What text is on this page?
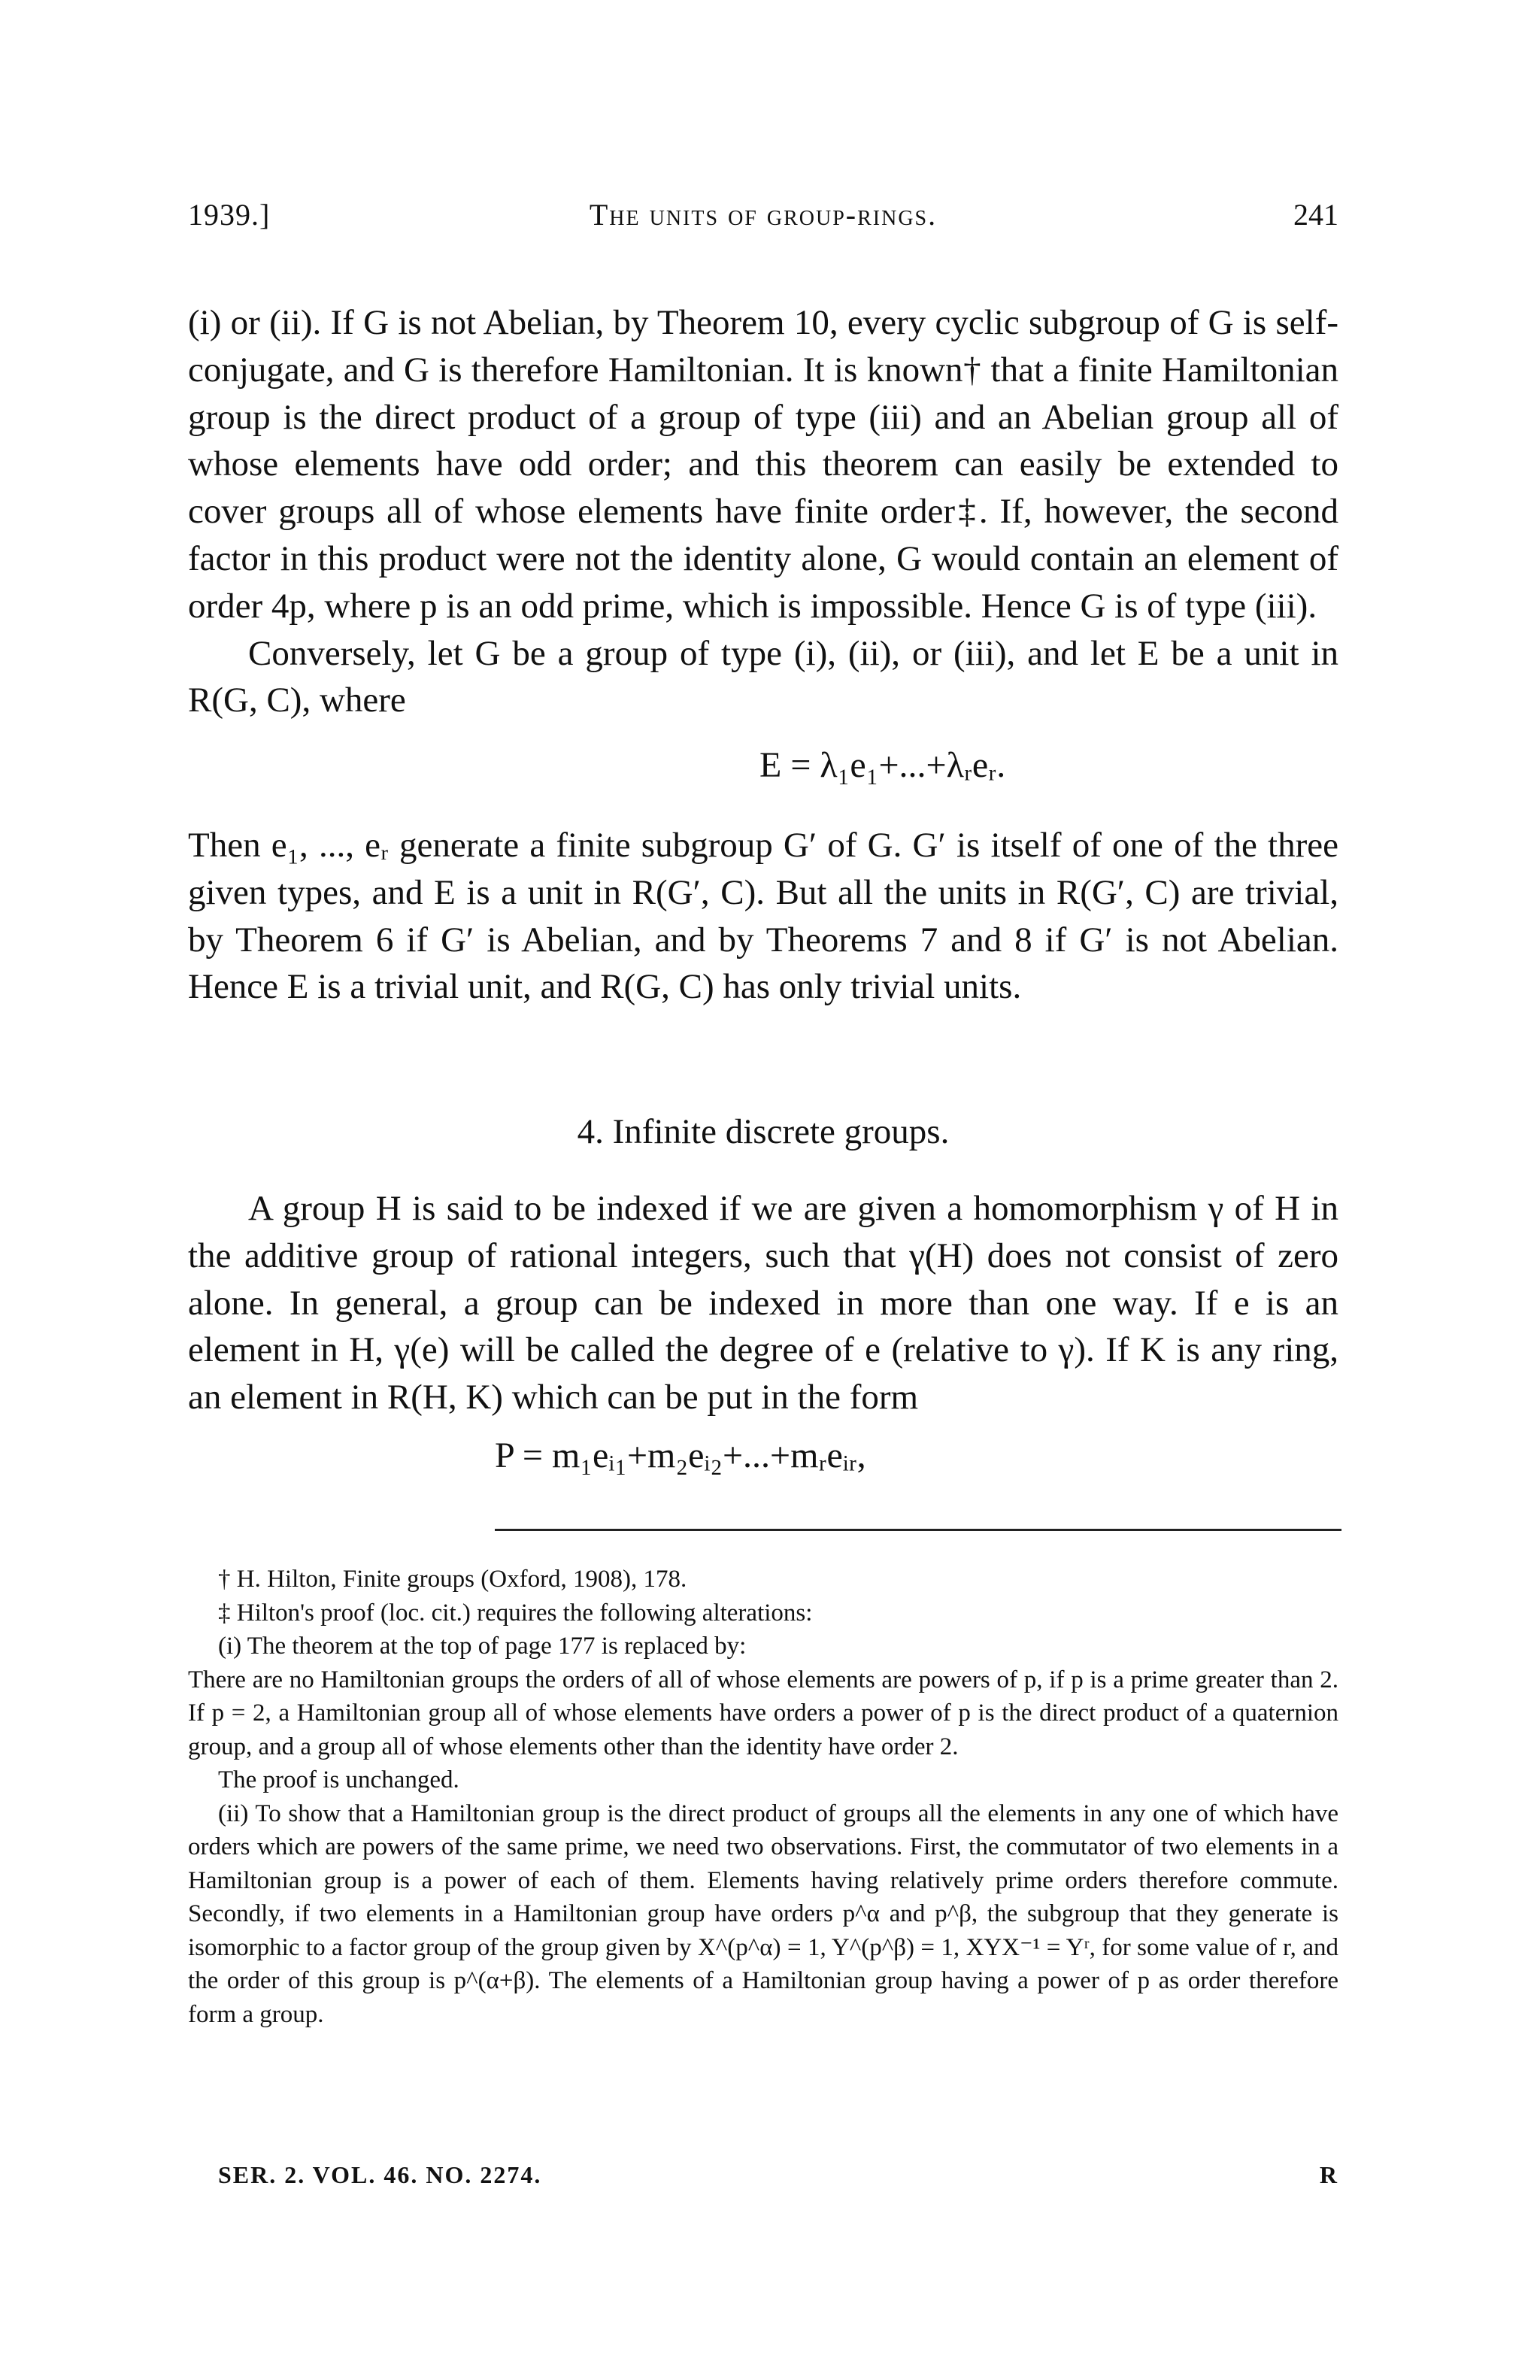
1939.]	The units of group-rings.	241

(i) or (ii). If G is not Abelian, by Theorem 10, every cyclic subgroup of G is self-conjugate, and G is therefore Hamiltonian. It is known† that a finite Hamiltonian group is the direct product of a group of type (iii) and an Abelian group all of whose elements have odd order; and this theorem can easily be extended to cover groups all of whose elements have finite order‡. If, however, the second factor in this product were not the identity alone, G would contain an element of order 4p, where p is an odd prime, which is impossible. Hence G is of type (iii).

Conversely, let G be a group of type (i), (ii), or (iii), and let E be a unit in R(G, C), where

E = λ₁e₁+...+λᵣeᵣ.

Then e₁, ..., eᵣ generate a finite subgroup G′ of G. G′ is itself of one of the three given types, and E is a unit in R(G′, C). But all the units in R(G′, C) are trivial, by Theorem 6 if G′ is Abelian, and by Theorems 7 and 8 if G′ is not Abelian. Hence E is a trivial unit, and R(G, C) has only trivial units.

4. Infinite discrete groups.

A group H is said to be indexed if we are given a homomorphism γ of H in the additive group of rational integers, such that γ(H) does not consist of zero alone. In general, a group can be indexed in more than one way. If e is an element in H, γ(e) will be called the degree of e (relative to γ). If K is any ring, an element in R(H, K) which can be put in the form

P = m₁eᵢ₁+m₂eᵢ₂+...+mᵣeᵢᵣ,

† H. Hilton, Finite groups (Oxford, 1908), 178.

‡ Hilton's proof (loc. cit.) requires the following alterations:

(i) The theorem at the top of page 177 is replaced by:

There are no Hamiltonian groups the orders of all of whose elements are powers of p, if p is a prime greater than 2. If p = 2, a Hamiltonian group all of whose elements have orders a power of p is the direct product of a quaternion group, and a group all of whose elements other than the identity have order 2.

The proof is unchanged.

(ii) To show that a Hamiltonian group is the direct product of groups all the elements in any one of which have orders which are powers of the same prime, we need two observations. First, the commutator of two elements in a Hamiltonian group is a power of each of them. Elements having relatively prime orders therefore commute. Secondly, if two elements in a Hamiltonian group have orders p^α and p^β, the subgroup that they generate is isomorphic to a factor group of the group given by X^(p^α) = 1, Y^(p^β) = 1, XYX⁻¹ = Yʳ, for some value of r, and the order of this group is p^(α+β). The elements of a Hamiltonian group having a power of p as order therefore form a group.

SER. 2. VOL. 46. NO. 2274.	R
